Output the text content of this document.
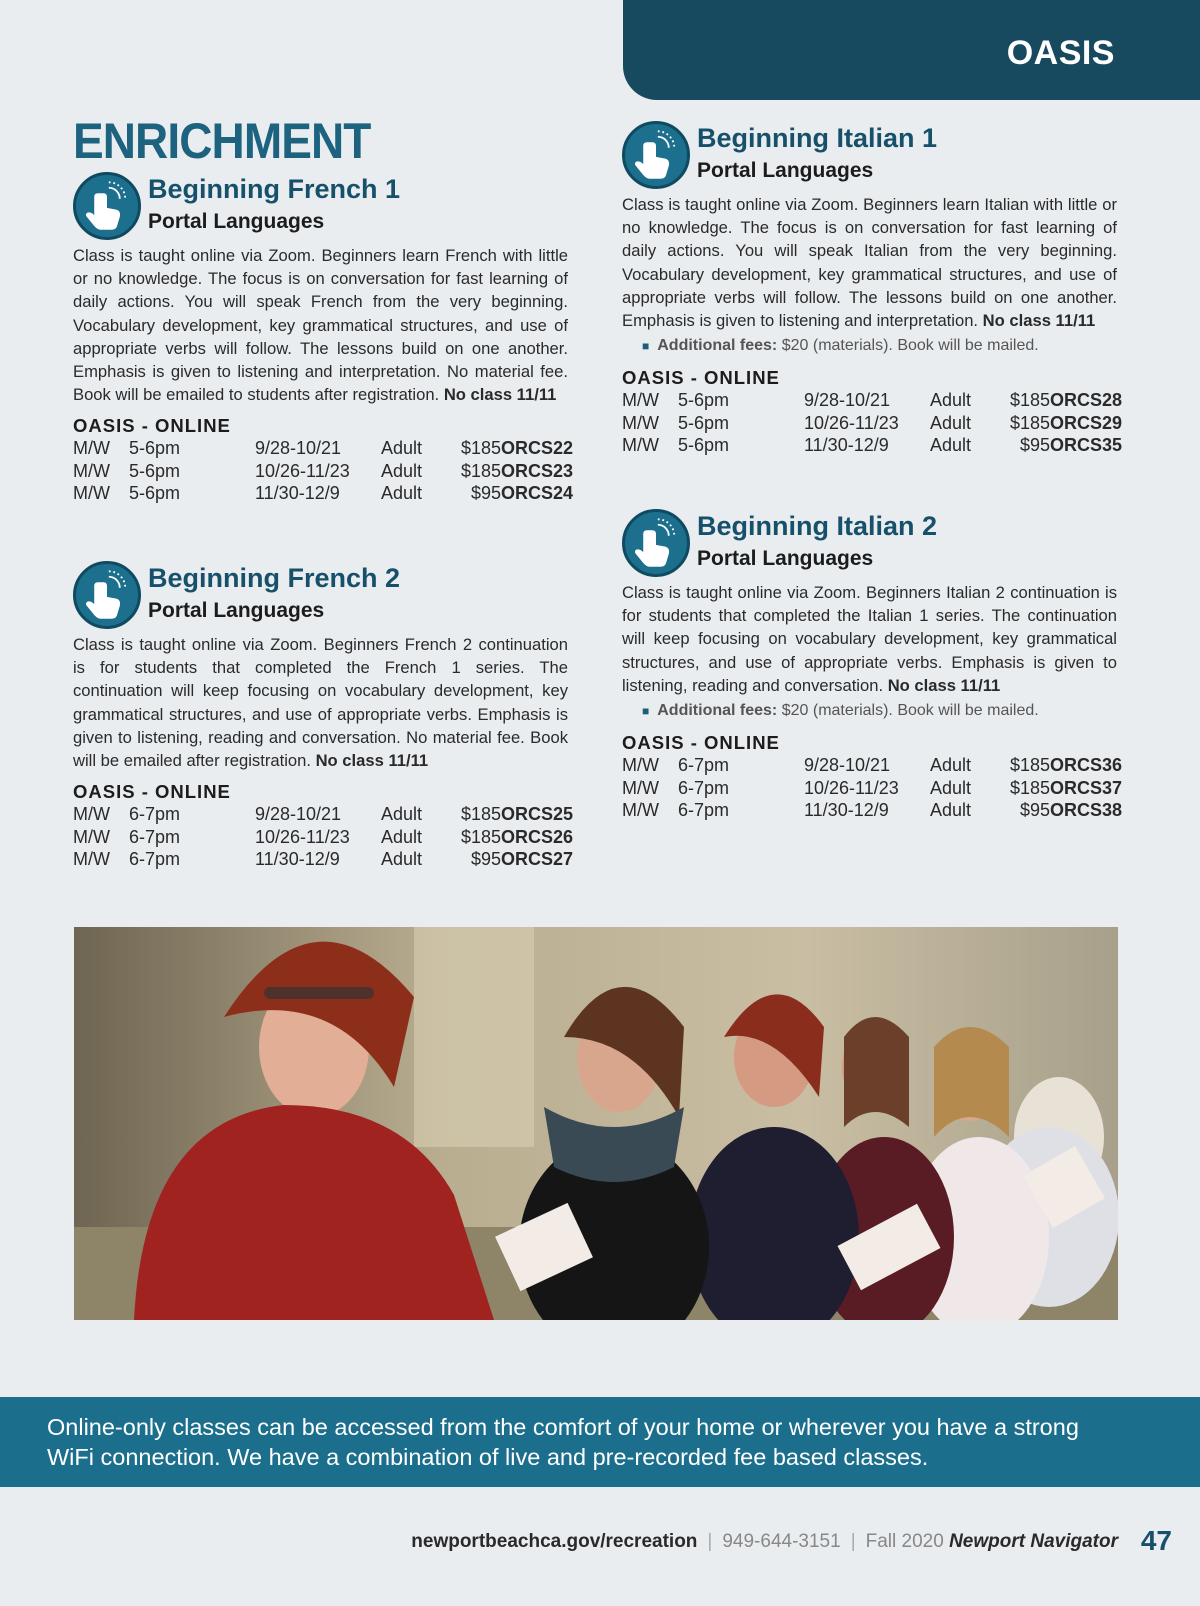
OASIS
ENRICHMENT
Beginning French 1
Portal Languages

Class is taught online via Zoom. Beginners learn French with little or no knowledge. The focus is on conversation for fast learning of daily actions. You will speak French from the very beginning. Vocabulary development, key grammatical structures, and use of appropriate verbs will follow. The lessons build on one another. Emphasis is given to listening and interpretation. No material fee. Book will be emailed to students after registration. No class 11/11

OASIS - ONLINE
M/W	5-6pm	9/28-10/21	Adult	$185 ORCS22
M/W	5-6pm	10/26-11/23	Adult	$185 ORCS23
M/W	5-6pm	11/30-12/9	Adult	$95 ORCS24
Beginning French 2
Portal Languages

Class is taught online via Zoom. Beginners French 2 continuation is for students that completed the French 1 series. The continuation will keep focusing on vocabulary development, key grammatical structures, and use of appropriate verbs. Emphasis is given to listening, reading and conversation. No material fee. Book will be emailed after registration. No class 11/11

OASIS - ONLINE
M/W	6-7pm	9/28-10/21	Adult	$185 ORCS25
M/W	6-7pm	10/26-11/23	Adult	$185 ORCS26
M/W	6-7pm	11/30-12/9	Adult	$95 ORCS27
Beginning Italian 1
Portal Languages

Class is taught online via Zoom. Beginners learn Italian with little or no knowledge. The focus is on conversation for fast learning of daily actions. You will speak Italian from the very beginning. Vocabulary development, key grammatical structures, and use of appropriate verbs will follow. The lessons build on one another. Emphasis is given to listening and interpretation. No class 11/11

■ Additional fees: $20 (materials). Book will be mailed.
OASIS - ONLINE
M/W	5-6pm	9/28-10/21	Adult	$185 ORCS28
M/W	5-6pm	10/26-11/23	Adult	$185 ORCS29
M/W	5-6pm	11/30-12/9	Adult	$95 ORCS35
Beginning Italian 2
Portal Languages

Class is taught online via Zoom. Beginners Italian 2 continuation is for students that completed the Italian 1 series. The continuation will keep focusing on vocabulary development, key grammatical structures, and use of appropriate verbs. Emphasis is given to listening, reading and conversation. No class 11/11

■ Additional fees: $20 (materials). Book will be mailed.
OASIS - ONLINE
M/W	6-7pm	9/28-10/21	Adult	$185 ORCS36
M/W	6-7pm	10/26-11/23	Adult	$185 ORCS37
M/W	6-7pm	11/30-12/9	Adult	$95 ORCS38

Online-only classes can be accessed from the comfort of your home or wherever you have a strong WiFi connection. We have a combination of live and pre-recorded fee based classes.

newportbeachca.gov/recreation | 949-644-3151 | Fall 2020 Newport Navigator 47
